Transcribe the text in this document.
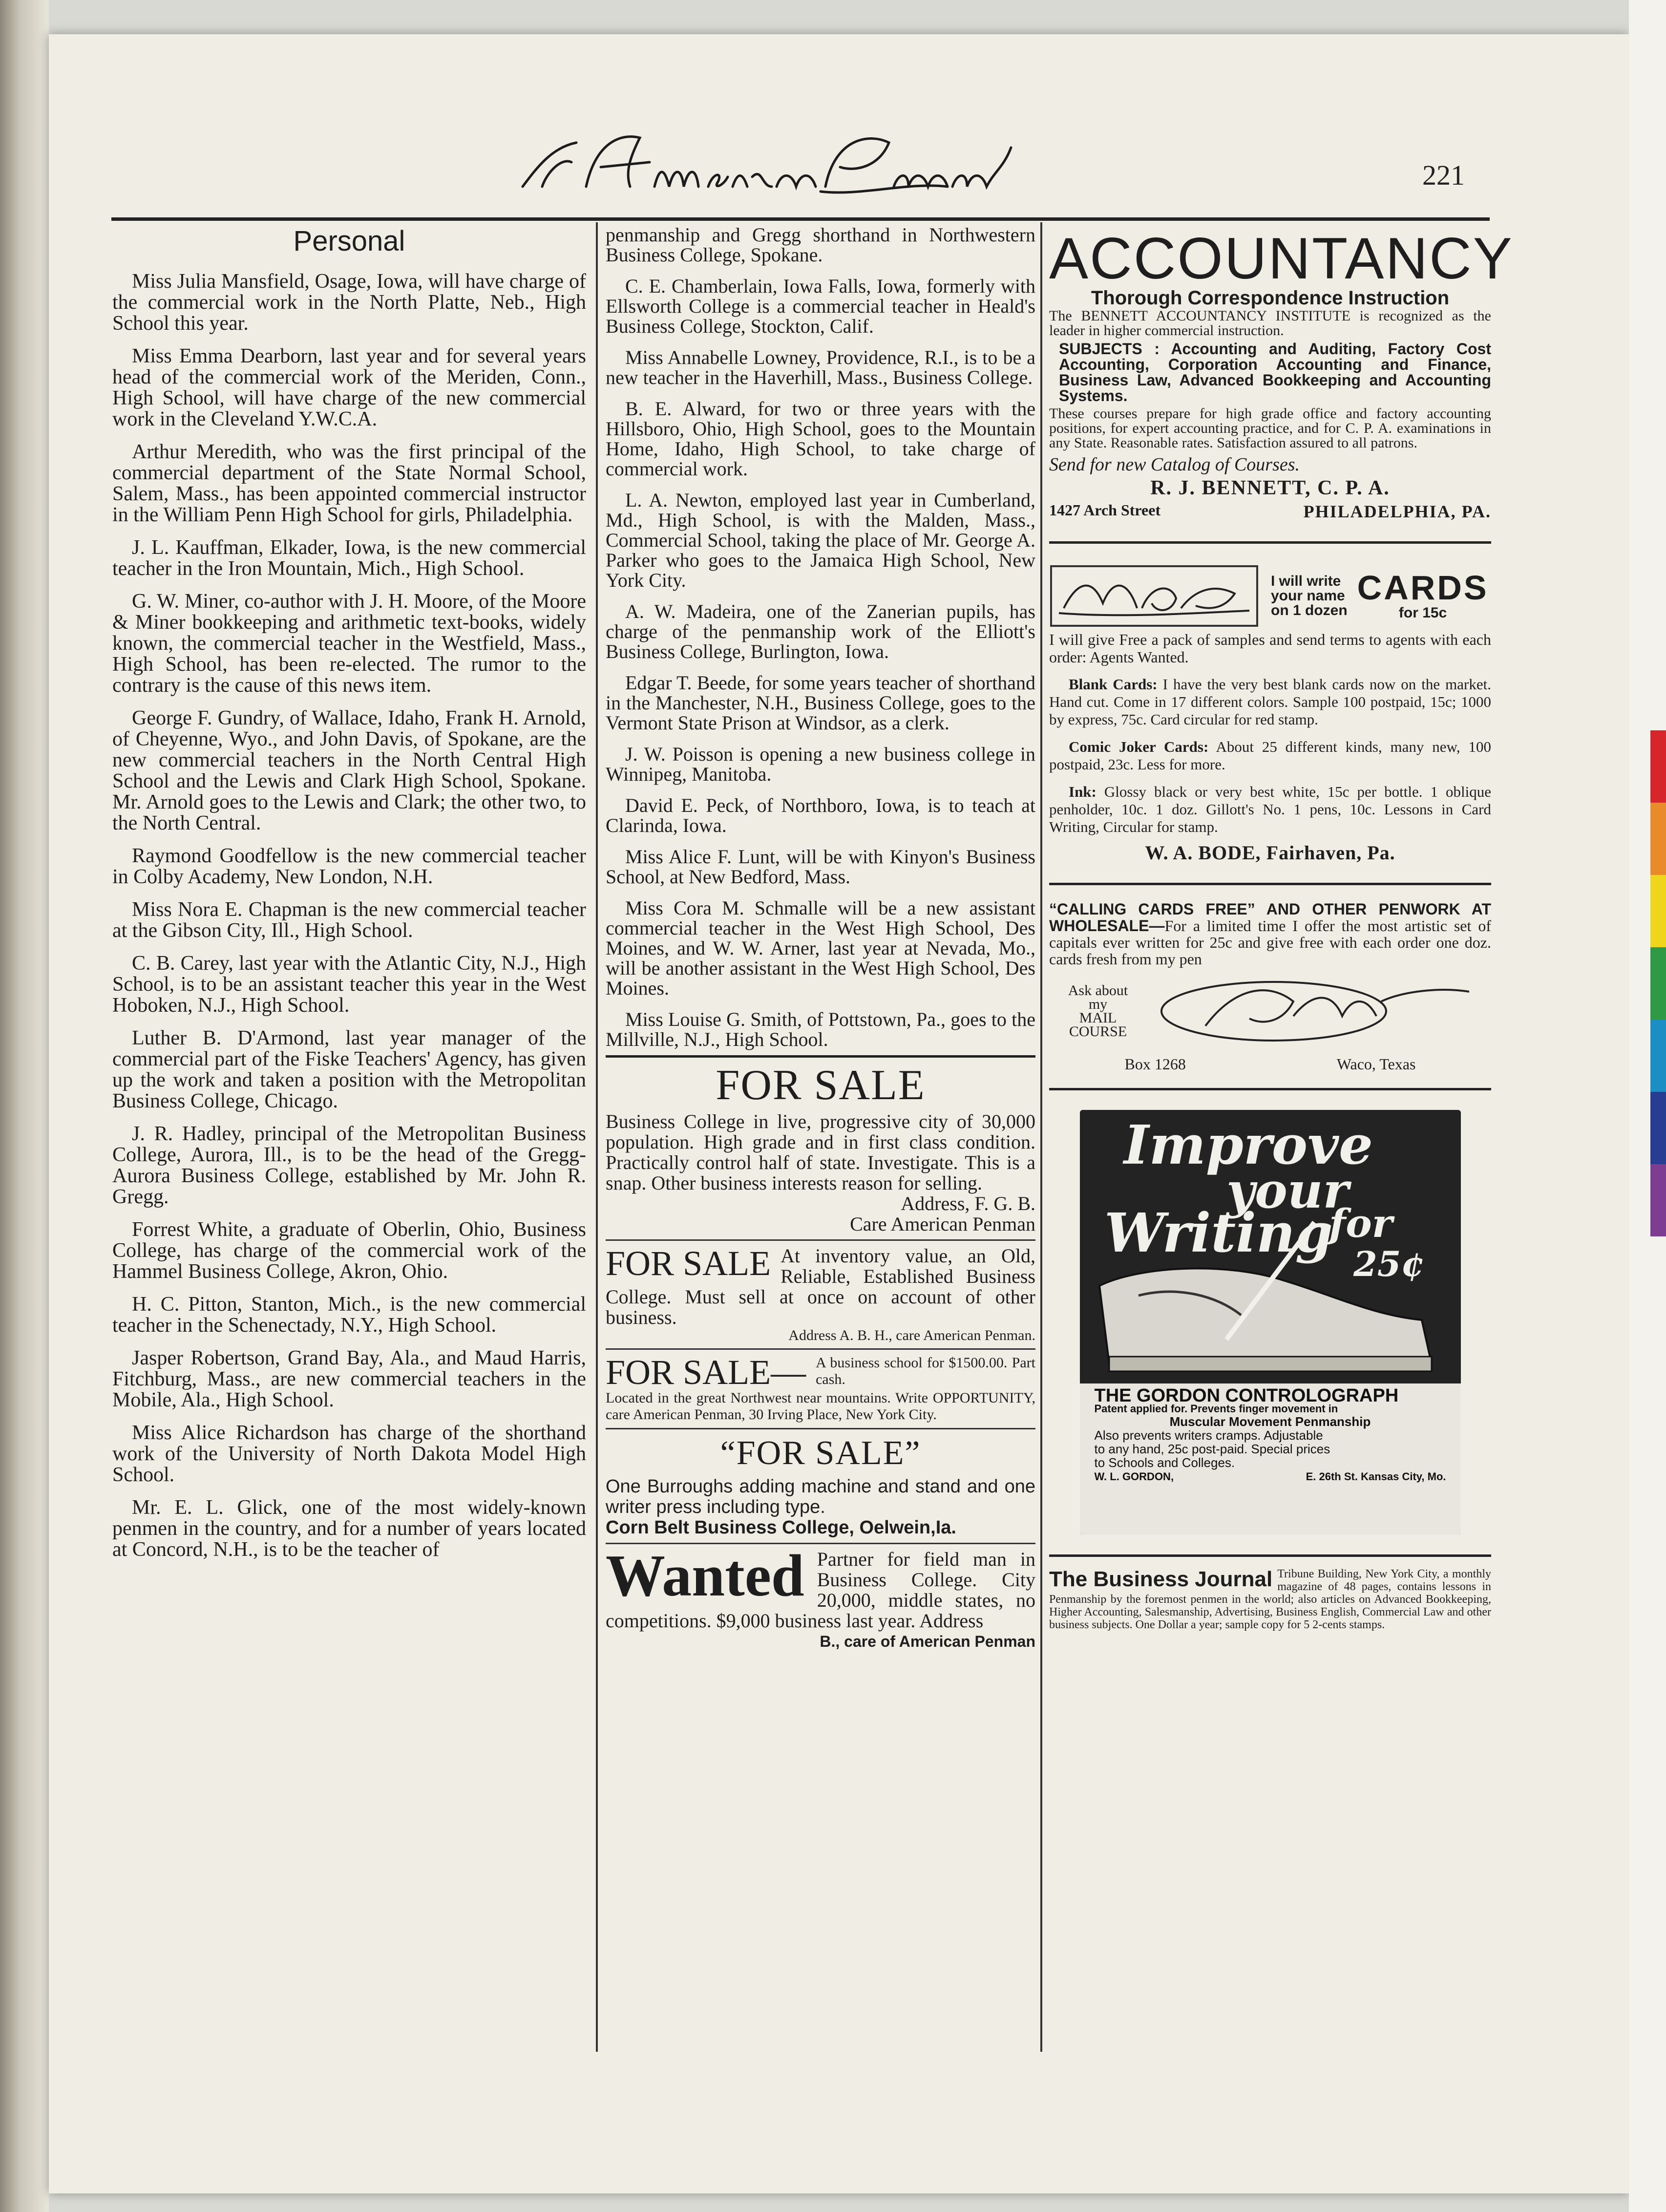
221
Personal

Miss Julia Mansfield, Osage, Iowa, will have charge of the commercial work in the North Platte, Neb., High School this year.

Miss Emma Dearborn, last year and for several years head of the commercial work of the Meriden, Conn., High School, will have charge of the new commercial work in the Cleveland Y.W.C.A.

Arthur Meredith, who was the first principal of the commercial department of the State Normal School, Salem, Mass., has been appointed commercial instructor in the William Penn High School for girls, Philadelphia.

J. L. Kauffman, Elkader, Iowa, is the new commercial teacher in the Iron Mountain, Mich., High School.

G. W. Miner, co-author with J. H. Moore, of the Moore & Miner bookkeeping and arithmetic text-books, widely known, the commercial teacher in the Westfield, Mass., High School, has been re-elected. The rumor to the contrary is the cause of this news item.

George F. Gundry, of Wallace, Idaho, Frank H. Arnold, of Cheyenne, Wyo., and John Davis, of Spokane, are the new commercial teachers in the North Central High School and the Lewis and Clark High School, Spokane. Mr. Arnold goes to the Lewis and Clark; the other two, to the North Central.

Raymond Goodfellow is the new commercial teacher in Colby Academy, New London, N.H.

Miss Nora E. Chapman is the new commercial teacher at the Gibson City, Ill., High School.

C. B. Carey, last year with the Atlantic City, N.J., High School, is to be an assistant teacher this year in the West Hoboken, N.J., High School.

Luther B. D'Armond, last year manager of the commercial part of the Fiske Teachers' Agency, has given up the work and taken a position with the Metropolitan Business College, Chicago.

J. R. Hadley, principal of the Metropolitan Business College, Aurora, Ill., is to be the head of the Gregg-Aurora Business College, established by Mr. John R. Gregg.

Forrest White, a graduate of Oberlin, Ohio, Business College, has charge of the commercial work of the Hammel Business College, Akron, Ohio.

H. C. Pitton, Stanton, Mich., is the new commercial teacher in the Schenectady, N.Y., High School.

Jasper Robertson, Grand Bay, Ala., and Maud Harris, Fitchburg, Mass., are new commercial teachers in the Mobile, Ala., High School.

Miss Alice Richardson has charge of the shorthand work of the University of North Dakota Model High School.

Mr. E. L. Glick, one of the most widely-known penmen in the country, and for a number of years located at Concord, N.H., is to be the teacher of

penmanship and Gregg shorthand in Northwestern Business College, Spokane.

C. E. Chamberlain, Iowa Falls, Iowa, formerly with Ellsworth College is a commercial teacher in Heald's Business College, Stockton, Calif.

Miss Annabelle Lowney, Providence, R.I., is to be a new teacher in the Haverhill, Mass., Business College.

B. E. Alward, for two or three years with the Hillsboro, Ohio, High School, goes to the Mountain Home, Idaho, High School, to take charge of commercial work.

L. A. Newton, employed last year in Cumberland, Md., High School, is with the Malden, Mass., Commercial School, taking the place of Mr. George A. Parker who goes to the Jamaica High School, New York City.

A. W. Madeira, one of the Zanerian pupils, has charge of the penmanship work of the Elliott's Business College, Burlington, Iowa.

Edgar T. Beede, for some years teacher of shorthand in the Manchester, N.H., Business College, goes to the Vermont State Prison at Windsor, as a clerk.

J. W. Poisson is opening a new business college in Winnipeg, Manitoba.

David E. Peck, of Northboro, Iowa, is to teach at Clarinda, Iowa.

Miss Alice F. Lunt, will be with Kinyon's Business School, at New Bedford, Mass.

Miss Cora M. Schmalle will be a new assistant commercial teacher in the West High School, Des Moines, and W. W. Arner, last year at Nevada, Mo., will be another assistant in the West High School, Des Moines.

Miss Louise G. Smith, of Pottstown, Pa., goes to the Millville, N.J., High School.

FOR SALE

Business College in live, progressive city of 30,000 population. High grade and in first class condition. Practically control half of state. Investigate. This is a snap. Other business interests reason for selling.

Address, F. G. B.

Care American Penman

FOR SALE At inventory value, an Old, Reliable, Established Business College. Must sell at once on account of other business.

Address A. B. H., care American Penman.

FOR SALE— A business school for $1500.00. Part cash.

Located in the great Northwest near mountains. Write OPPORTUNITY, care American Penman, 30 Irving Place, New York City.

“FOR SALE”

One Burroughs adding machine and stand and one writer press including type.

Corn Belt Business College, Oelwein,Ia.

Wanted Partner for field man in Business College. City 20,000, middle states, no competitions. $9,000 business last year. Address

B., care of American Penman

ACCOUNTANCY
Thorough Correspondence Instruction

The BENNETT ACCOUNTANCY INSTITUTE is recognized as the leader in higher commercial instruction.

SUBJECTS : Accounting and Auditing, Factory Cost Accounting, Corporation Accounting and Finance, Business Law, Advanced Bookkeeping and Accounting Systems.

These courses prepare for high grade office and factory accounting positions, for expert accounting practice, and for C. P. A. examinations in any State. Reasonable rates. Satisfaction assured to all patrons.

Send for new Catalog of Courses.

R. J. BENNETT, C. P. A.

1427 Arch Street	PHILADELPHIA, PA.
I will write
your name
on 1 dozen
CARDS
for 15c

I will give Free a pack of samples and send terms to agents with each order: Agents Wanted.

Blank Cards: I have the very best blank cards now on the market. Hand cut. Come in 17 different colors. Sample 100 postpaid, 15c; 1000 by express, 75c. Card circular for red stamp.

Comic Joker Cards: About 25 different kinds, many new, 100 postpaid, 23c. Less for more.

Ink: Glossy black or very best white, 15c per bottle. 1 oblique penholder, 10c. 1 doz. Gillott's No. 1 pens, 10c. Lessons in Card Writing, Circular for stamp.

W. A. BODE, Fairhaven, Pa.

“CALLING CARDS FREE” AND OTHER PENWORK AT WHOLESALE—For a limited time I offer the most artistic set of capitals ever written for 25c and give free with each order one doz. cards fresh from my pen

Ask about
my
MAIL
COURSE
Box 1268	Waco, Texas
Improve
your
Writing
for
25¢
THE GORDON CONTROLOGRAPH
Patent applied for. Prevents finger movement in
Muscular Movement Penmanship
Also prevents writers cramps. Adjustable
to any hand, 25c post-paid. Special prices
to Schools and Colleges.
W. L. GORDON,	E. 26th St. Kansas City, Mo.
The Business Journal Tribune Building, New York City, a monthly magazine of 48 pages, contains lessons in Penmanship by the foremost penmen in the world; also articles on Advanced Bookkeeping, Higher Accounting, Salesmanship, Advertising, Business English, Commercial Law and other business subjects. One Dollar a year; sample copy for 5 2-cents stamps.
